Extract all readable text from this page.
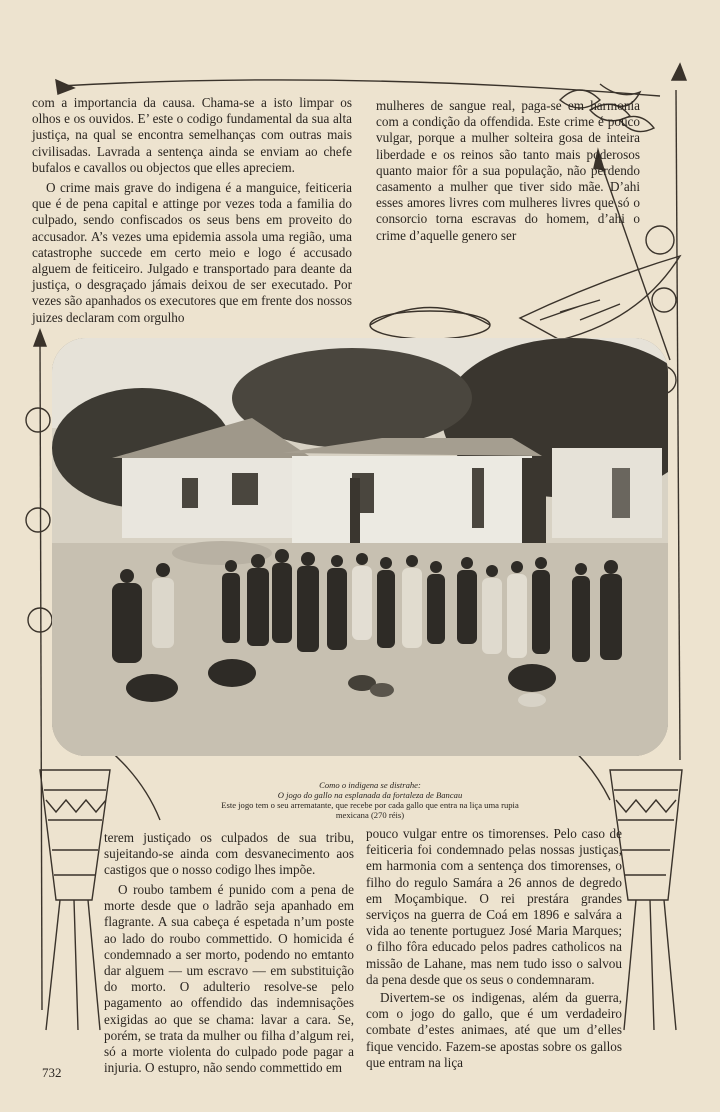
com a importancia da causa. Chama-se a isto limpar os olhos e os ouvidos. E’ este o codigo fundamental da sua alta justiça, na qual se encontra semelhanças com outras mais civilisadas. Lavrada a sentença ainda se enviam ao chefe bufalos e cavallos ou objectos que elles apreciem.

O crime mais grave do indigena é a manguice, feiticeria que é de pena capital e attinge por vezes toda a familia do culpado, sendo confiscados os seus bens em proveito do accusador. A’s vezes uma epidemia assola uma região, uma catastrophe succede em certo meio e logo é accusado alguem de feiticeiro. Julgado e transportado para deante da justiça, o desgraçado jámais deixou de ser executado. Por vezes são apanhados os executores que em frente dos nossos juizes declaram com orgulho

mulheres de sangue real, paga-se em harmonia com a condição da offendida. Este crime é pouco vulgar, porque a mulher solteira gosa de inteira liberdade e os reinos são tanto mais poderosos quanto maior fôr a sua população, não perdendo casamento a mulher que tiver sido mãe. D’ahi esses amores livres com mulheres livres que só o consorcio torna escravas do homem, d’ahi o crime d’aquelle genero ser

Como o indigena se distrahe:

O jogo do gallo na esplanada da fortaleza de Bancau

Este jogo tem o seu arrematante, que recebe por cada gallo que entra na liça uma rupia

mexicana (270 réis)

terem justiçado os culpados de sua tribu, sujeitando-se ainda com desvanecimento aos castigos que o nosso codigo lhes impõe.

O roubo tambem é punido com a pena de morte desde que o ladrão seja apanhado em flagrante. A sua cabeça é espetada n’um poste ao lado do roubo commettido. O homicida é condemnado a ser morto, podendo no emtanto dar alguem — um escravo — em substituição do morto. O adulterio resolve-se pelo pagamento ao offendido das indemnisações exigidas ao que se chama: lavar a cara. Se, porém, se trata da mulher ou filha d’algum rei, só a morte violenta do culpado pode pagar a injuria. O estupro, não sendo commettido em

pouco vulgar entre os timorenses. Pelo caso de feiticeria foi condemnado pelas nossas justiças, em harmonia com a sentença dos timorenses, o filho do regulo Samára a 26 annos de degredo em Moçambique. O rei prestára grandes serviços na guerra de Coá em 1896 e salvára a vida ao tenente portuguez José Maria Marques; o filho fôra educado pelos padres catholicos na missão de Lahane, mas nem tudo isso o salvou da pena desde que os seus o condemnaram.

Divertem-se os indigenas, além da guerra, com o jogo do gallo, que é um verdadeiro combate d’estes animaes, até que um d’elles fique vencido. Fazem-se apostas sobre os gallos que entram na liça

732
